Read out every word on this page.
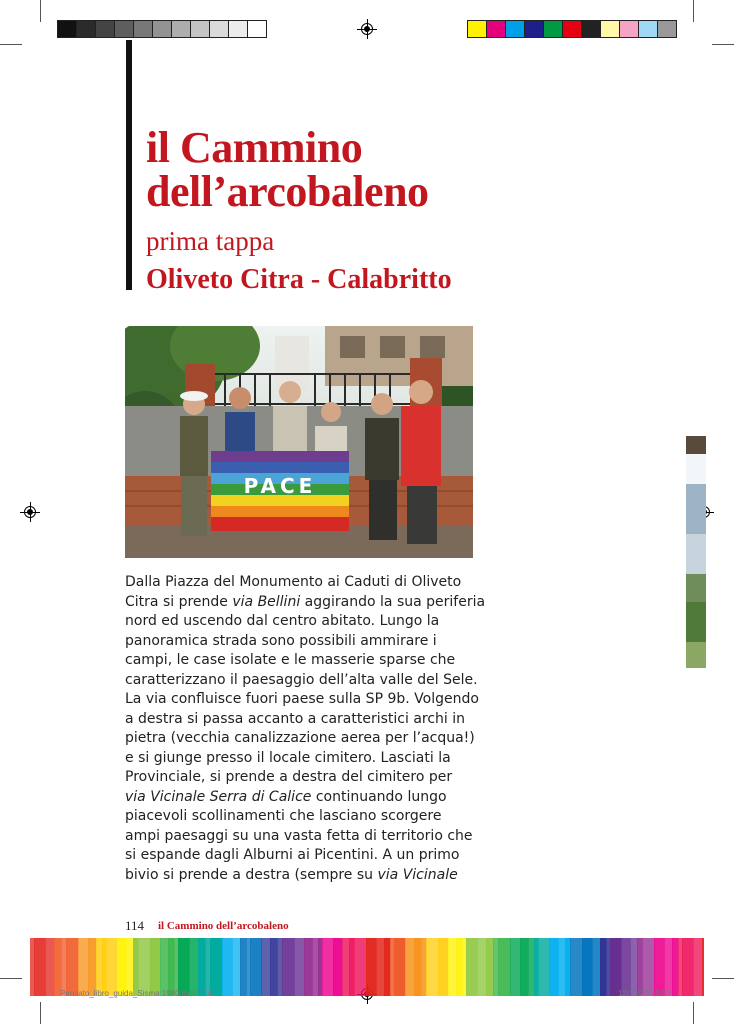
il Cammino
dell’arcobaleno
prima tappa
Oliveto Citra - Calabritto
PACE
Dalla Piazza del Monumento ai Caduti di Oliveto
Citra si prende via Bellini aggirando la sua periferia
nord ed uscendo dal centro abitato. Lungo la
panoramica strada sono possibili ammirare i
campi, le case isolate e le masserie sparse che
caratterizzano il paesaggio dell’alta valle del Sele.
La via confluisce fuori paese sulla SP 9b. Volgendo
a destra si passa accanto a caratteristici archi in
pietra (vecchia canalizzazione aerea per l’acqua!)
e si giunge presso il locale cimitero. Lasciati la
Provinciale, si prende a destra del cimitero per
via Vicinale Serra di Calice continuando lungo
piacevoli scollinamenti che lasciano scorgere
ampi paesaggi su una vasta fetta di territorio che
si espande dagli Alburni ai Picentini. A un primo
bivio si prende a destra (sempre su via Vicinale
114 il Cammino dell’arcobaleno
Perciato_libro_guida_Sisma 1980.indd 114	12/11/20 10:53
